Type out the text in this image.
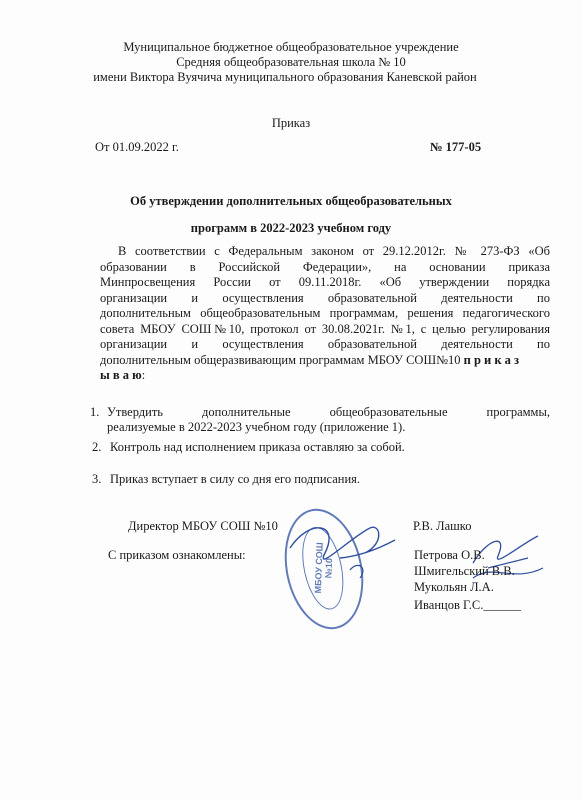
Муниципальное бюджетное общеобразовательное учреждение
Средняя общеобразовательная школа № 10
имени Виктора Вуячича муниципального образования Каневской район
Приказ
От 01.09.2022 г.	№ 177-05
Об утверждении дополнительных общеобразовательных
программ в 2022-2023 учебном году
В соответствии с Федеральным законом от 29.12.2012г. № 273-ФЗ «Об
образовании в Российской Федерации», на основании приказа
Минпросвещения России от 09.11.2018г. «Об утверждении порядка
организации и осуществления образовательной деятельности по
дополнительным общеобразовательным программам, решения педагогического
совета МБОУ СОШ№10, протокол от 30.08.2021г. №1, с целью регулирования
организации и осуществления образовательной деятельности по
дополнительным общеразвивающим программам МБОУ СОШ№10 п р и к а з
ы в а ю:
1. Утвердить дополнительные общеобразовательные программы,
реализуемые в 2022-2023 учебном году (приложение 1).
2. Контроль над исполнением приказа оставляю за собой.
3. Приказ вступает в силу со дня его подписания.
МБОУ СОШ №10
Директор МБОУ СОШ №10	Р.В. Лашко
С приказом ознакомлены:	Петрова О.В.
Шмигельский В.В.
Мукольян Л.А.
Иванцов Г.С.______
